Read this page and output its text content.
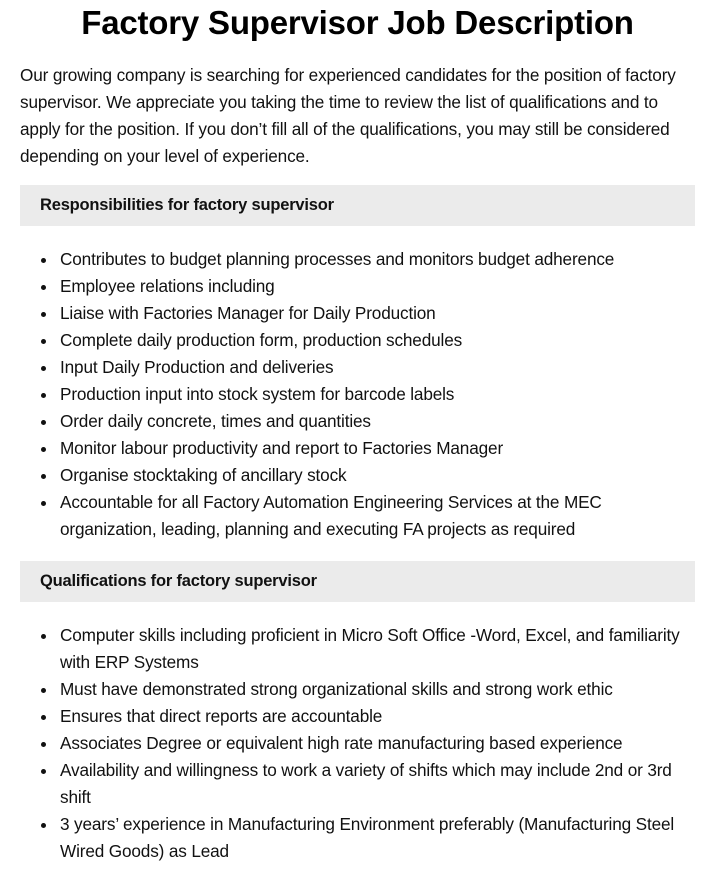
Factory Supervisor Job Description

Our growing company is searching for experienced candidates for the position of factory supervisor. We appreciate you taking the time to review the list of qualifications and to apply for the position. If you don’t fill all of the qualifications, you may still be considered depending on your level of experience.

Responsibilities for factory supervisor
Contributes to budget planning processes and monitors budget adherence
Employee relations including
Liaise with Factories Manager for Daily Production
Complete daily production form, production schedules
Input Daily Production and deliveries
Production input into stock system for barcode labels
Order daily concrete, times and quantities
Monitor labour productivity and report to Factories Manager
Organise stocktaking of ancillary stock
Accountable for all Factory Automation Engineering Services at the MEC organization, leading, planning and executing FA projects as required
Qualifications for factory supervisor
Computer skills including proficient in Micro Soft Office -Word, Excel, and familiarity with ERP Systems
Must have demonstrated strong organizational skills and strong work ethic
Ensures that direct reports are accountable
Associates Degree or equivalent high rate manufacturing based experience
Availability and willingness to work a variety of shifts which may include 2nd or 3rd shift
3 years’ experience in Manufacturing Environment preferably (Manufacturing Steel Wired Goods) as Lead
